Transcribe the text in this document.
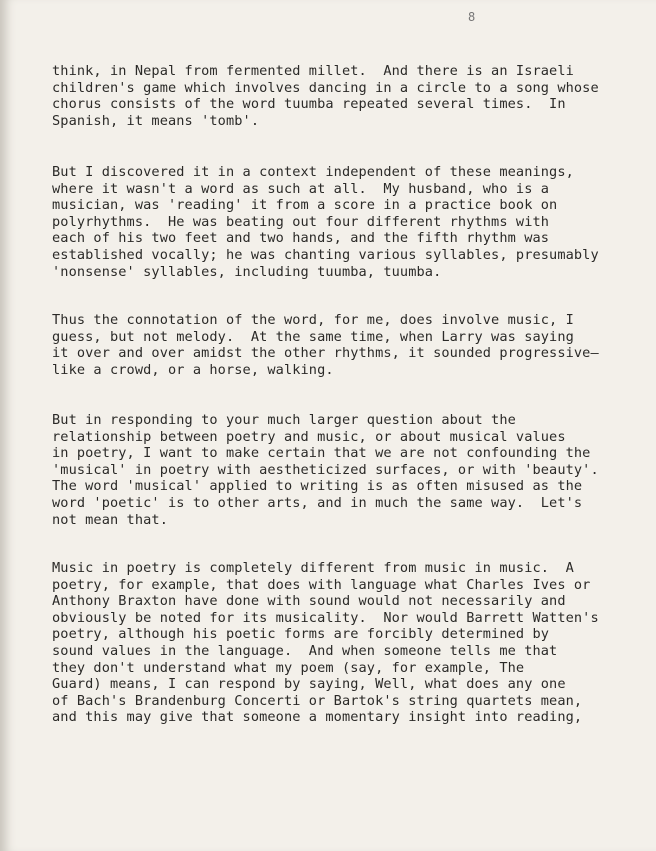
8

think, in Nepal from fermented millet.  And there is an Israeli
children's game which involves dancing in a circle to a song whose
chorus consists of the word tuumba repeated several times.  In
Spanish, it means 'tomb'.

But I discovered it in a context independent of these meanings,
where it wasn't a word as such at all.  My husband, who is a
musician, was 'reading' it from a score in a practice book on
polyrhythms.  He was beating out four different rhythms with
each of his two feet and two hands, and the fifth rhythm was
established vocally; he was chanting various syllables, presumably
'nonsense' syllables, including tuumba, tuumba.

Thus the connotation of the word, for me, does involve music, I
guess, but not melody.  At the same time, when Larry was saying
it over and over amidst the other rhythms, it sounded progressive—
like a crowd, or a horse, walking.

But in responding to your much larger question about the
relationship between poetry and music, or about musical values
in poetry, I want to make certain that we are not confounding the
'musical' in poetry with aestheticized surfaces, or with 'beauty'.
The word 'musical' applied to writing is as often misused as the
word 'poetic' is to other arts, and in much the same way.  Let's
not mean that.

Music in poetry is completely different from music in music.  A
poetry, for example, that does with language what Charles Ives or
Anthony Braxton have done with sound would not necessarily and
obviously be noted for its musicality.  Nor would Barrett Watten's
poetry, although his poetic forms are forcibly determined by
sound values in the language.  And when someone tells me that
they don't understand what my poem (say, for example, The
Guard) means, I can respond by saying, Well, what does any one
of Bach's Brandenburg Concerti or Bartok's string quartets mean,
and this may give that someone a momentary insight into reading,
